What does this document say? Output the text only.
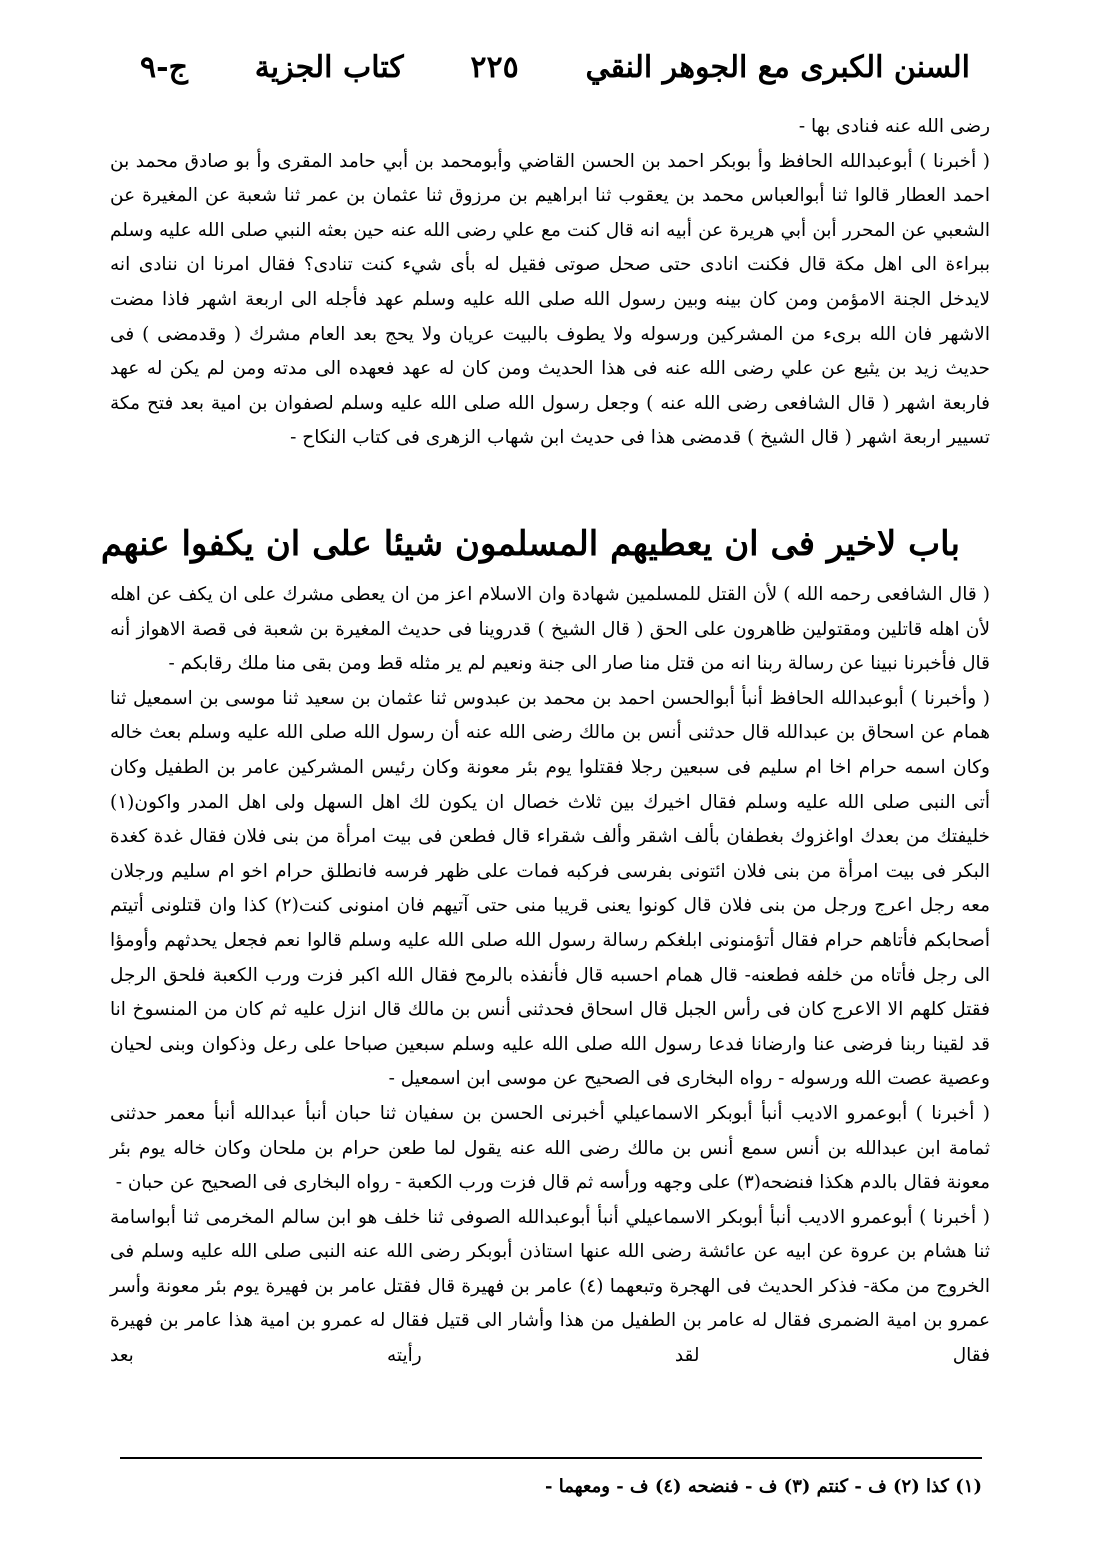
السنن الكبرى مع الجوهر النقي
٢٢٥
كتاب الجزية
ج-٩

رضى الله عنه فنادى بها -

( أخبرنا ) أبوعبدالله الحافظ وأ بوبكر احمد بن الحسن القاضي وأبومحمد بن أبي حامد المقرى وأ بو صادق محمد بن احمد العطار قالوا ثنا أبوالعباس محمد بن يعقوب ثنا ابراهيم بن مرزوق ثنا عثمان بن عمر ثنا شعبة عن المغيرة عن الشعبي عن المحرر أبن أبي هريرة عن أبيه انه قال كنت مع علي رضى الله عنه حين بعثه النبي صلى الله عليه وسلم ببراءة الى اهل مكة قال فكنت انادى حتى صحل صوتى فقيل له بأى شيء كنت تنادى؟ فقال امرنا ان ننادى انه لايدخل الجنة الامؤمن ومن كان بينه وبين رسول الله صلى الله عليه وسلم عهد فأجله الى اربعة اشهر فاذا مضت الاشهر فان الله برىء من المشركين ورسوله ولا يطوف بالبيت عريان ولا يحج بعد العام مشرك ( وقدمضى ) فى حديث زيد بن يثيع عن علي رضى الله عنه فى هذا الحديث ومن كان له عهد فعهده الى مدته ومن لم يكن له عهد فاربعة اشهر ( قال الشافعى رضى الله عنه ) وجعل رسول الله صلى الله عليه وسلم لصفوان بن امية بعد فتح مكة تسيير اربعة اشهر ( قال الشيخ ) قدمضى هذا فى حديث ابن شهاب الزهرى فى كتاب النكاح -

باب لاخير فى ان يعطيهم المسلمون شيئا على ان يكفوا عنهم

( قال الشافعى رحمه الله ) لأن القتل للمسلمين شهادة وان الاسلام اعز من ان يعطى مشرك على ان يكف عن اهله لأن اهله قاتلين ومقتولين ظاهرون على الحق ( قال الشيخ ) قدروينا فى حديث المغيرة بن شعبة فى قصة الاهواز أنه قال فأخبرنا نبينا عن رسالة ربنا انه من قتل منا صار الى جنة ونعيم لم ير مثله قط ومن بقى منا ملك رقابكم -

( وأخبرنا ) أبوعبدالله الحافظ أنبأ أبوالحسن احمد بن محمد بن عبدوس ثنا عثمان بن سعيد ثنا موسى بن اسمعيل ثنا همام عن اسحاق بن عبدالله قال حدثنى أنس بن مالك رضى الله عنه أن رسول الله صلى الله عليه وسلم بعث خاله وكان اسمه حرام اخا ام سليم فى سبعين رجلا فقتلوا يوم بئر معونة وكان رئيس المشركين عامر بن الطفيل وكان أتى النبى صلى الله عليه وسلم فقال اخيرك بين ثلاث خصال ان يكون لك اهل السهل ولى اهل المدر واكون(١) خليفتك من بعدك اواغزوك بغطفان بألف اشقر وألف شقراء قال فطعن فى بيت امرأة من بنى فلان فقال غدة كغدة البكر فى بيت امرأة من بنى فلان ائتونى بفرسى فركبه فمات على ظهر فرسه فانطلق حرام اخو ام سليم ورجلان معه رجل اعرج ورجل من بنى فلان قال كونوا يعنى قريبا منى حتى آتيهم فان امنونى كنت(٢) كذا وان قتلونى أتيتم أصحابكم فأتاهم حرام فقال أتؤمنونى ابلغكم رسالة رسول الله صلى الله عليه وسلم قالوا نعم فجعل يحدثهم وأومؤا الى رجل فأتاه من خلفه فطعنه- قال همام احسبه قال فأنفذه بالرمح فقال الله اكبر فزت ورب الكعبة فلحق الرجل فقتل كلهم الا الاعرج كان فى رأس الجبل قال اسحاق فحدثنى أنس بن مالك قال انزل عليه ثم كان من المنسوخ انا قد لقينا ربنا فرضى عنا وارضانا فدعا رسول الله صلى الله عليه وسلم سبعين صباحا على رعل وذكوان وبنى لحيان وعصية عصت الله ورسوله - رواه البخارى فى الصحيح عن موسى ابن اسمعيل -

( أخبرنا ) أبوعمرو الاديب أنبأ أبوبكر الاسماعيلي أخبرنى الحسن بن سفيان ثنا حبان أنبأ عبدالله أنبأ معمر حدثنى ثمامة ابن عبدالله بن أنس سمع أنس بن مالك رضى الله عنه يقول لما طعن حرام بن ملحان وكان خاله يوم بئر معونة فقال بالدم هكذا فنضحه(٣) على وجهه ورأسه ثم قال فزت ورب الكعبة - رواه البخارى فى الصحيح عن حبان -

( أخبرنا ) أبوعمرو الاديب أنبأ أبوبكر الاسماعيلي أنبأ أبوعبدالله الصوفى ثنا خلف هو ابن سالم المخرمى ثنا أبواسامة ثنا هشام بن عروة عن ابيه عن عائشة رضى الله عنها استاذن أبوبكر رضى الله عنه النبى صلى الله عليه وسلم فى الخروج من مكة- فذكر الحديث فى الهجرة وتبعهما (٤) عامر بن فهيرة قال فقتل عامر بن فهيرة يوم بئر معونة وأسر عمرو بن امية الضمرى فقال له عامر بن الطفيل من هذا وأشار الى قتيل فقال له عمرو بن امية هذا عامر بن فهيرة فقال لقد رأيته بعد

(١) كذا (٢) ف - كنتم (٣) ف - فنضحه (٤) ف - ومعهما -
